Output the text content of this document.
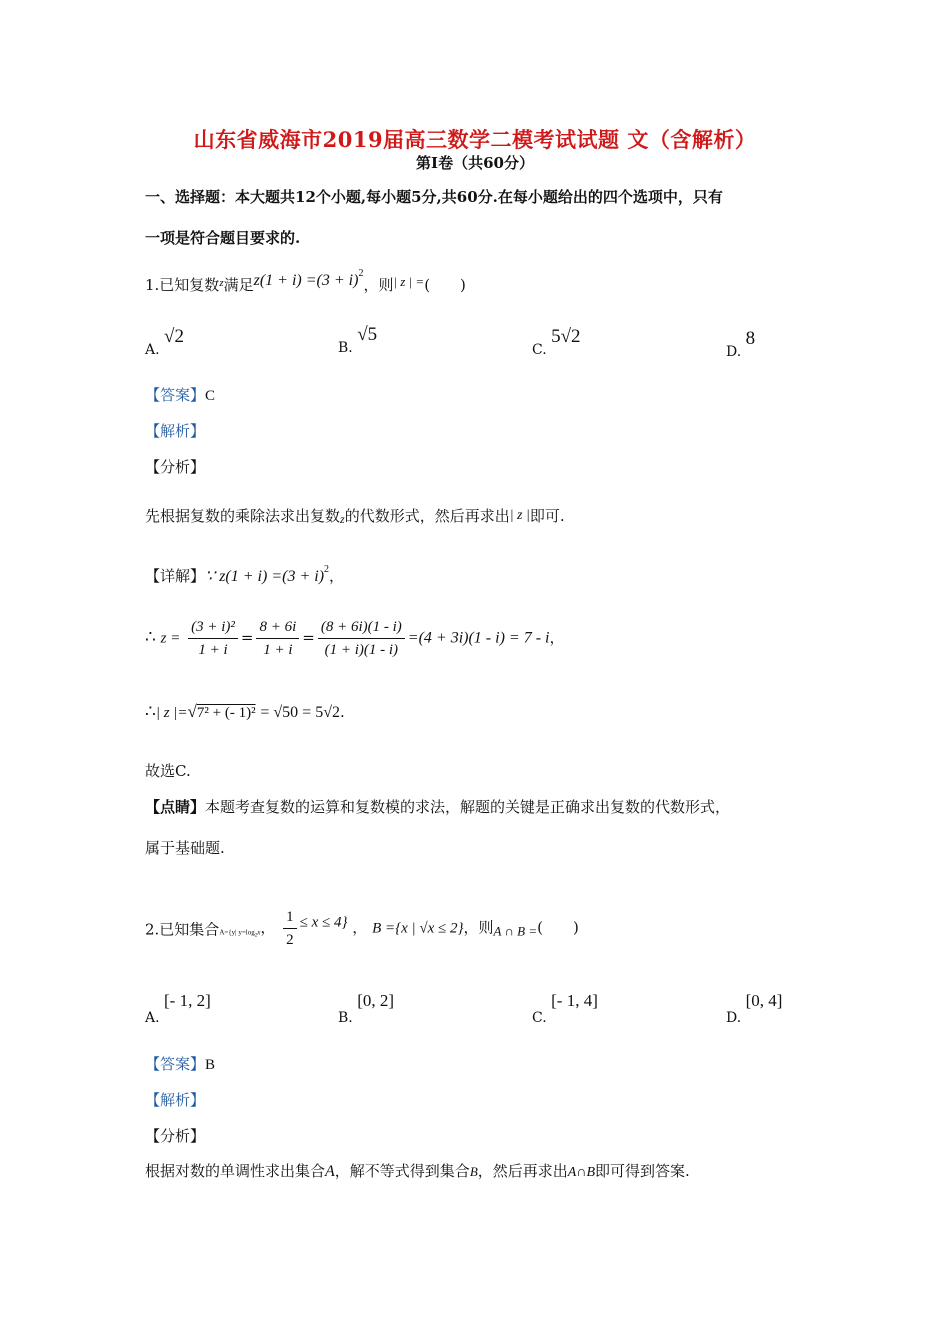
山东省威海市2019届高三数学二模考试试题 文（含解析）
第Ⅰ卷（共60分）
一、选择题：本大题共12个小题,每小题5分,共60分.在每小题给出的四个选项中，只有
一项是符合题目要求的.
1.已知复数$^z$满足$z(1 + i) =(3 + i)^2$，则| z | =(　　)
A. √2
B. √5
C. 5√2
D. 8
【答案】C
【解析】
【分析】
先根据复数的乘除法求出复数z的代数形式，然后再求出| z |即可.
【详解】∵ $z(1 + i) =(3 + i)^2$，
∴ $z = \frac{\text{(3 + i)²}}{1 + i} = \frac{8 + 6i}{1 + i} = \frac{(8 + 6i)(1 - i)}{(1 + i)(1 - i)} =(4 + 3i)(1 - i) = 7 - i$，
∴| z |=√7² + (- 1)² = √50 = 5√2.
故选C.
【点睛】本题考查复数的运算和复数模的求法，解题的关键是正确求出复数的代数形式，
属于基础题.
2.已知集合A={y| $y=\log_2x$， $\frac{1}{2} \le x \le 4$} ， B ={x | √x ≤ 2}，则A ∩ B =(　　)
A. [- 1, 2]
B. [0, 2]
C. [- 1, 4]
D. [0, 4]
【答案】B
【解析】
【分析】
根据对数的单调性求出集合A，解不等式得到集合B，然后再求出A∩B即可得到答案.
